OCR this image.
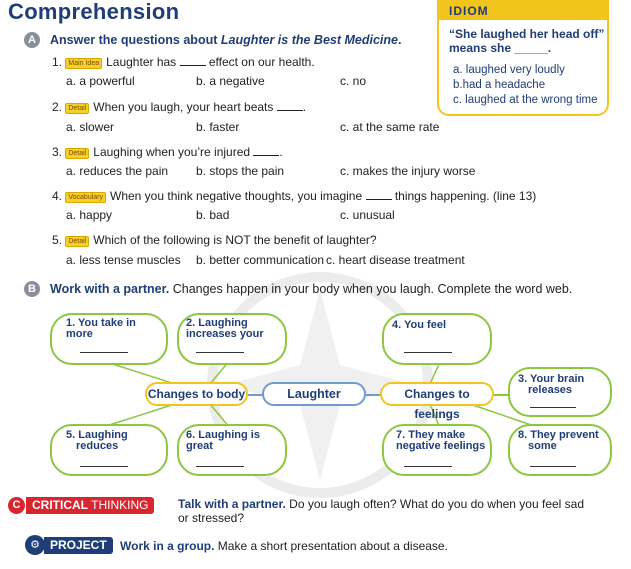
Comprehension	IDIOM
“She laughed her head off” means she _____.
a. laughed very loudly
b.had a headache
c. laughed at the wrong time
A	Answer the questions about Laughter is the Best Medicine.
1. Main Idea Laughter has  effect on our health.
a. a powerful	b. a negative	c. no
2. Detail When you laugh, your heart beats .
a. slower	b. faster	c. at the same rate
3. Detail Laughing when you’re injured .
a. reduces the pain b. stops the pain	c. makes the injury worse
4. Vocabulary When you think negative thoughts, you imagine  things happening. (line 13)
a. happy	b. bad	c. unusual
5. Detail Which of the following is NOT the benefit of laughter?
a. less tense muscles b. better communication c. heart disease treatment
B	Work with a partner. Changes happen in your body when you laugh. Complete the word web.
1. You take in
more
2. Laughing
increases your
4. You feel
3. Your brain
releases
Changes to body	Laughter	Changes to feelings
5. Laughing
reduces
6. Laughing is
great
7. They make
negative feelings
8. They prevent
some
C CRITICAL THINKING	Talk with a partner. Do you laugh often? What do you do when you feel sad
or stressed?
⚙ PROJECT	Work in a group. Make a short presentation about a disease.
